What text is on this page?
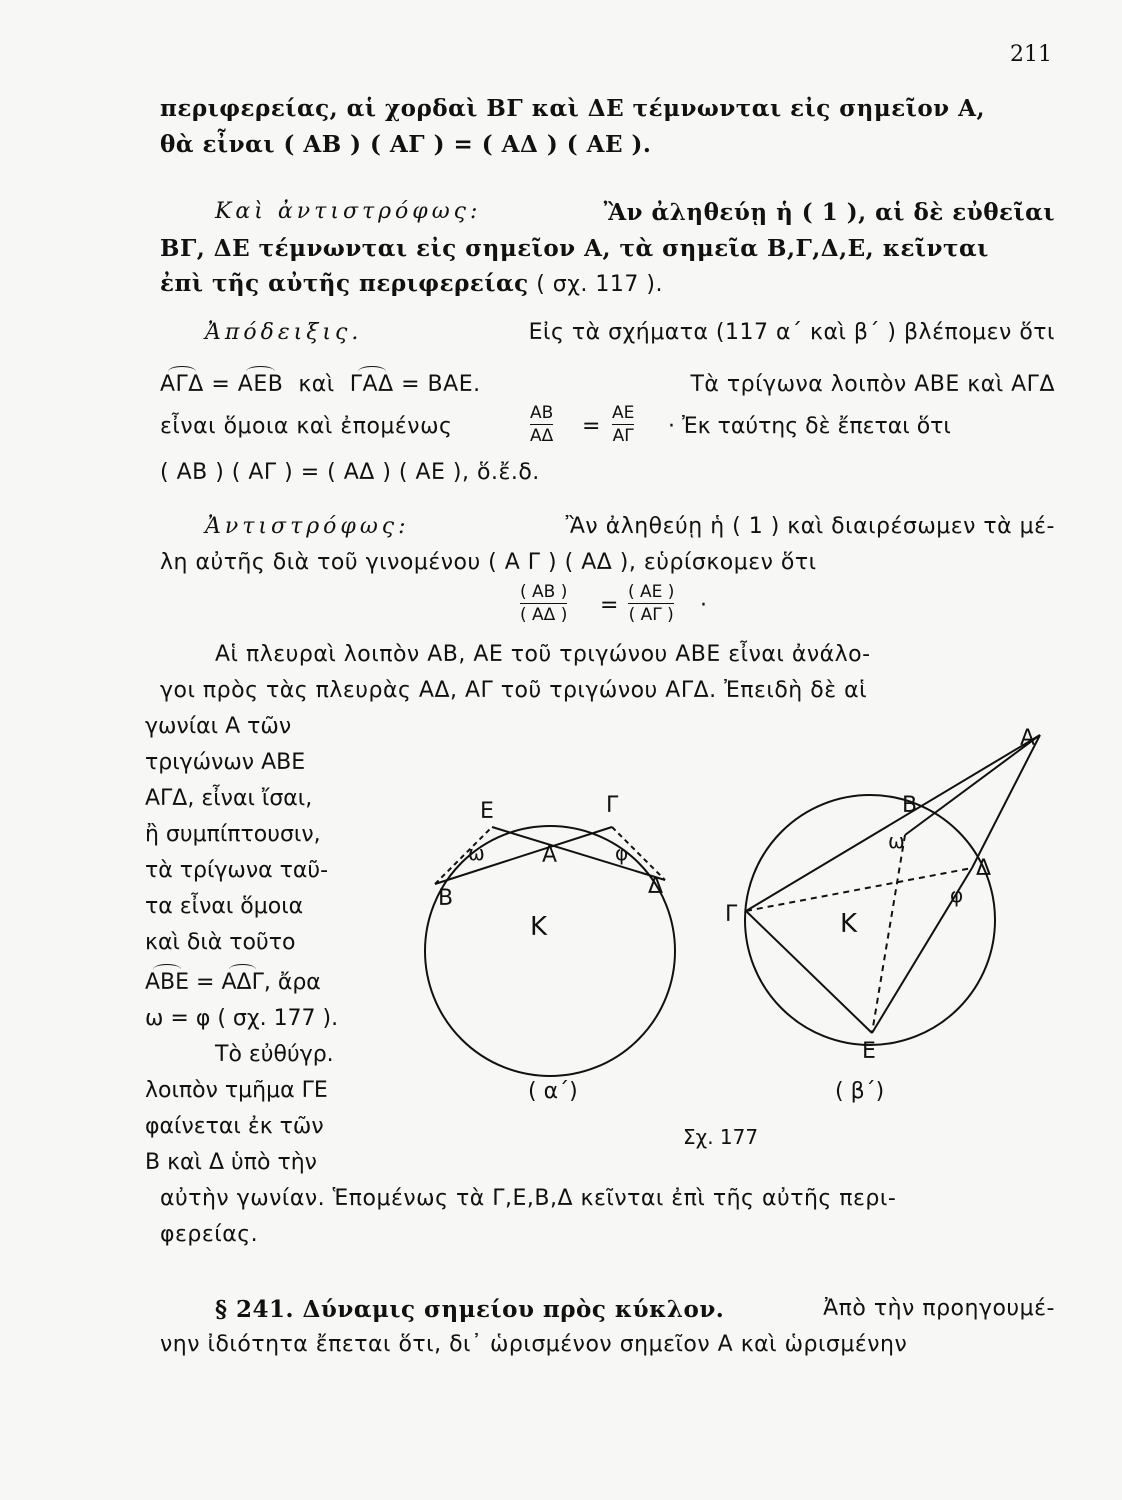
211
περιφερείας, αἱ χορδαὶ ΒΓ καὶ ΔΕ τέμνωνται εἰς σημεῖον Α,
θὰ εἶναι ( ΑΒ ) ( ΑΓ ) = ( ΑΔ ) ( ΑΕ ).
Καὶ ἀντιστρόφως:	Ἂν ἀληθεύῃ ἡ ( 1 ), αἱ δὲ εὐθεῖαι
ΒΓ, ΔΕ τέμνωνται εἰς σημεῖον Α, τὰ σημεῖα Β,Γ,Δ,Ε, κεῖνται
ἐπὶ τῆς αὐτῆς περιφερείας ( σχ. 117 ).
Ἀπόδειξις.	Εἰς τὰ σχήματα (117 α΄ καὶ β΄ ) βλέπομεν ὅτι
ΑΓΔ = ΑΕΒ καὶ ΓΑΔ = ΒΑΕ.	Τὰ τρίγωνα λοιπὸν ΑΒΕ καὶ ΑΓΔ
εἶναι ὅμοια καὶ ἐπομένως
ΑΒ
ΑΔ =
ΑΕ
ΑΓ · Ἐκ ταύτης δὲ ἔπεται ὅτι
( ΑΒ ) ( ΑΓ ) = ( ΑΔ ) ( ΑΕ ), ὅ.ἔ.δ.
Ἀντιστρόφως:	Ἂν ἀληθεύῃ ἡ ( 1 ) καὶ διαιρέσωμεν τὰ μέ-
λη αὐτῆς διὰ τοῦ γινομένου ( Α Γ ) ( ΑΔ ), εὑρίσκομεν ὅτι
( ΑΒ )
( ΑΔ ) =
( ΑΕ )
( ΑΓ ) ·
Αἱ πλευραὶ λοιπὸν ΑΒ, ΑΕ τοῦ τριγώνου ΑΒΕ εἶναι ἀνάλο-
γοι πρὸς τὰς πλευρὰς ΑΔ, ΑΓ τοῦ τριγώνου ΑΓΔ. Ἐπειδὴ δὲ αἱ
γωνίαι Α τῶν
τριγώνων ΑΒΕ
ΑΓΔ, εἶναι ἴσαι,
ἢ συμπίπτουσιν,
τὰ τρίγωνα ταῦ-
τα εἶναι ὅμοια
καὶ διὰ τοῦτο
ΑΒΕ = ΑΔΓ, ἄρα
ω = φ ( σχ. 177 ).
Τὸ εὐθύγρ.
λοιπὸν τμῆμα ΓΕ
φαίνεται ἐκ τῶν
Β καὶ Δ ὑπὸ τὴν
Ε	Γ
Α
Β	Δ
Κ
ω	φ
( α΄)
Α
Β
Δ
Γ
Ε
Κ
ω
φ
( β΄)
Σχ. 177
αὐτὴν γωνίαν. Ἑπομένως τὰ Γ,Ε,Β,Δ κεῖνται ἐπὶ τῆς αὐτῆς περι-
φερείας.
§ 241. Δύναμις σημείου πρὸς κύκλον.	Ἀπὸ τὴν προηγουμέ-
νην ἰδιότητα ἔπεται ὅτι, δι᾽ ὡρισμένον σημεῖον Α καὶ ὡρισμένην
